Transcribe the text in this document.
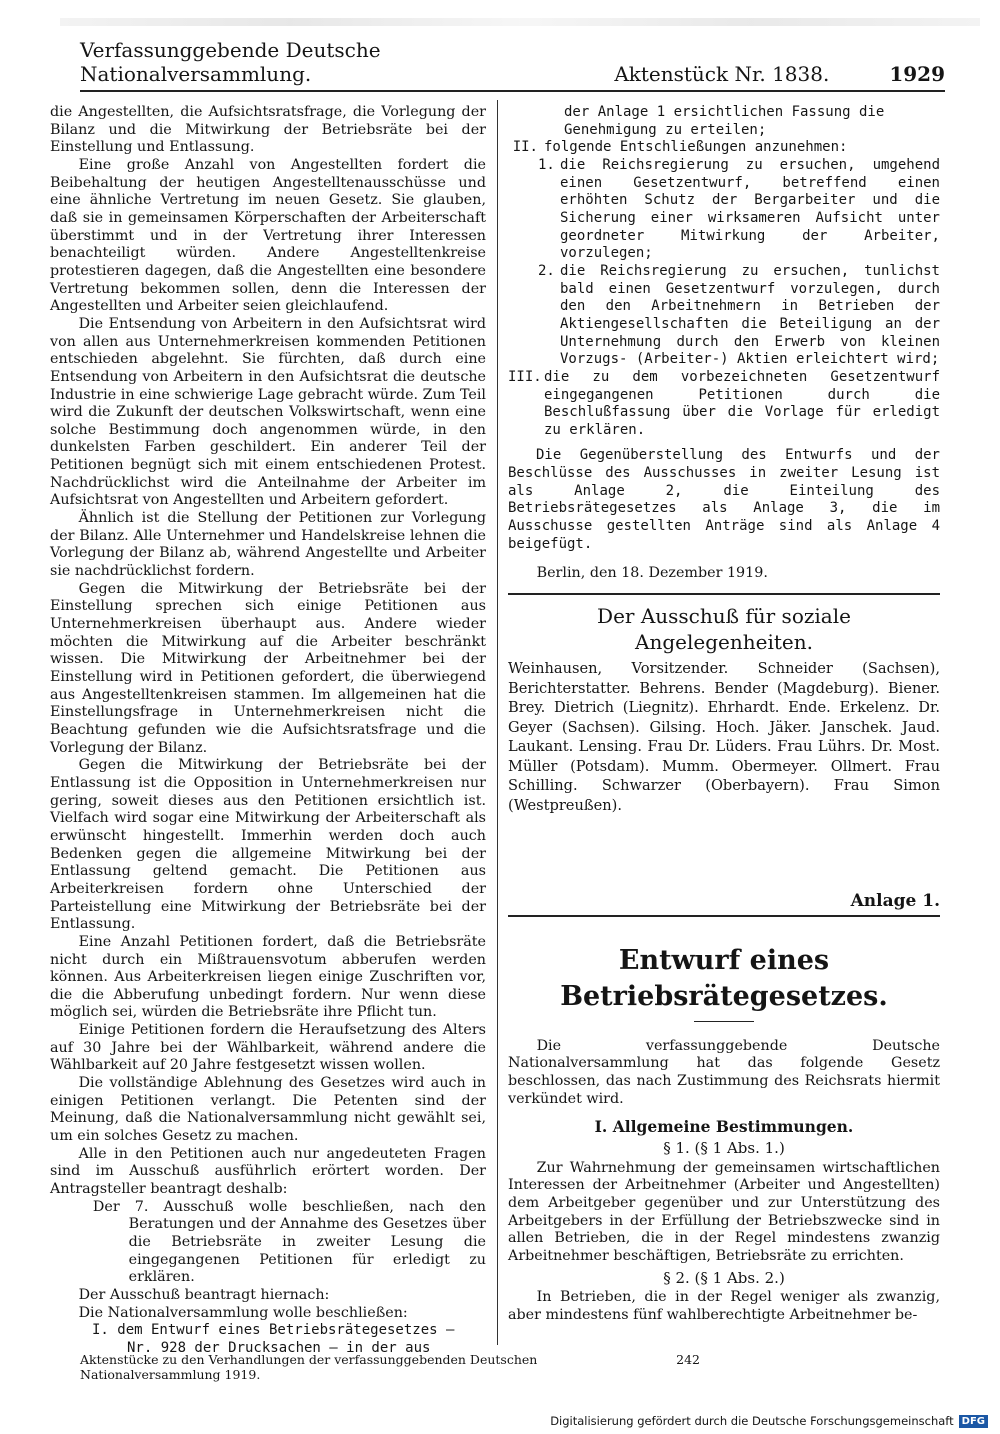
Verfassunggebende Deutsche Nationalversammlung.	Aktenstück Nr. 1838.	1929

die Angestellten, die Aufsichtsratsfrage, die Vorlegung der Bilanz und die Mitwirkung der Betriebsräte bei der Einstellung und Entlassung.

Eine große Anzahl von Angestellten fordert die Beibehaltung der heutigen Angestelltenausschüsse und eine ähnliche Vertretung im neuen Gesetz. Sie glauben, daß sie in gemeinsamen Körperschaften der Arbeiterschaft überstimmt und in der Vertretung ihrer Interessen benachteiligt würden. Andere Angestelltenkreise protestieren dagegen, daß die Angestellten eine besondere Vertretung bekommen sollen, denn die Interessen der Angestellten und Arbeiter seien gleichlaufend.

Die Entsendung von Arbeitern in den Aufsichtsrat wird von allen aus Unternehmerkreisen kommenden Petitionen entschieden abgelehnt. Sie fürchten, daß durch eine Entsendung von Arbeitern in den Aufsichtsrat die deutsche Industrie in eine schwierige Lage gebracht würde. Zum Teil wird die Zukunft der deutschen Volkswirtschaft, wenn eine solche Bestimmung doch angenommen würde, in den dunkelsten Farben geschildert. Ein anderer Teil der Petitionen begnügt sich mit einem entschiedenen Protest. Nachdrücklichst wird die Anteilnahme der Arbeiter im Aufsichtsrat von Angestellten und Arbeitern gefordert.

Ähnlich ist die Stellung der Petitionen zur Vorlegung der Bilanz. Alle Unternehmer und Handelskreise lehnen die Vorlegung der Bilanz ab, während Angestellte und Arbeiter sie nachdrücklichst fordern.

Gegen die Mitwirkung der Betriebsräte bei der Einstellung sprechen sich einige Petitionen aus Unternehmerkreisen überhaupt aus. Andere wieder möchten die Mitwirkung auf die Arbeiter beschränkt wissen. Die Mitwirkung der Arbeitnehmer bei der Einstellung wird in Petitionen gefordert, die überwiegend aus Angestelltenkreisen stammen. Im allgemeinen hat die Einstellungsfrage in Unternehmerkreisen nicht die Beachtung gefunden wie die Aufsichtsratsfrage und die Vorlegung der Bilanz.

Gegen die Mitwirkung der Betriebsräte bei der Entlassung ist die Opposition in Unternehmerkreisen nur gering, soweit dieses aus den Petitionen ersichtlich ist. Vielfach wird sogar eine Mitwirkung der Arbeiterschaft als erwünscht hingestellt. Immerhin werden doch auch Bedenken gegen die allgemeine Mitwirkung bei der Entlassung geltend gemacht. Die Petitionen aus Arbeiterkreisen fordern ohne Unterschied der Parteistellung eine Mitwirkung der Betriebsräte bei der Entlassung.

Eine Anzahl Petitionen fordert, daß die Betriebsräte nicht durch ein Mißtrauensvotum abberufen werden können. Aus Arbeiterkreisen liegen einige Zuschriften vor, die die Abberufung unbedingt fordern. Nur wenn diese möglich sei, würden die Betriebsräte ihre Pflicht tun.

Einige Petitionen fordern die Heraufsetzung des Alters auf 30 Jahre bei der Wählbarkeit, während andere die Wählbarkeit auf 20 Jahre festgesetzt wissen wollen.

Die vollständige Ablehnung des Gesetzes wird auch in einigen Petitionen verlangt. Die Petenten sind der Meinung, daß die Nationalversammlung nicht gewählt sei, um ein solches Gesetz zu machen.

Alle in den Petitionen auch nur angedeuteten Fragen sind im Ausschuß ausführlich erörtert worden. Der Antragsteller beantragt deshalb:

Der 7. Ausschuß wolle beschließen, nach den Beratungen und der Annahme des Gesetzes über die Betriebsräte in zweiter Lesung die eingegangenen Petitionen für erledigt zu erklären.

Der Ausschuß beantragt hiernach:

Die Nationalversammlung wolle beschließen:

I. dem Entwurf eines Betriebsrätegesetzes — Nr. 928 der Drucksachen — in der aus

der Anlage 1 ersichtlichen Fassung die Genehmigung zu erteilen;

II. folgende Entschließungen anzunehmen:
1. die Reichsregierung zu ersuchen, umgehend einen Gesetzentwurf, betreffend einen erhöhten Schutz der Bergarbeiter und die Sicherung einer wirksameren Aufsicht unter geordneter Mitwirkung der Arbeiter, vorzulegen;
2. die Reichsregierung zu ersuchen, tunlichst bald einen Gesetzentwurf vorzulegen, durch den den Arbeitnehmern in Betrieben der Aktiengesellschaften die Beteiligung an der Unternehmung durch den Erwerb von kleinen Vorzugs- (Arbeiter-) Aktien erleichtert wird;
III. die zu dem vorbezeichneten Gesetzentwurf eingegangenen Petitionen durch die Beschlußfassung über die Vorlage für erledigt zu erklären.

Die Gegenüberstellung des Entwurfs und der Beschlüsse des Ausschusses in zweiter Lesung ist als Anlage 2, die Einteilung des Betriebsrätegesetzes als Anlage 3, die im Ausschusse gestellten Anträge sind als Anlage 4 beigefügt.

Berlin, den 18. Dezember 1919.

Der Ausschuß für soziale Angelegenheiten.

Weinhausen, Vorsitzender. Schneider (Sachsen), Berichterstatter. Behrens. Bender (Magdeburg). Biener. Brey. Dietrich (Liegnitz). Ehrhardt. Ende. Erkelenz. Dr. Geyer (Sachsen). Gilsing. Hoch. Jäker. Janschek. Jaud. Laukant. Lensing. Frau Dr. Lüders. Frau Lührs. Dr. Most. Müller (Potsdam). Mumm. Obermeyer. Ollmert. Frau Schilling. Schwarzer (Oberbayern). Frau Simon (Westpreußen).

Anlage 1.
Entwurf eines Betriebsrätegesetzes.

Die verfassunggebende Deutsche Nationalversammlung hat das folgende Gesetz beschlossen, das nach Zustimmung des Reichsrats hiermit verkündet wird.

I. Allgemeine Bestimmungen.
§ 1. (§ 1 Abs. 1.)

Zur Wahrnehmung der gemeinsamen wirtschaftlichen Interessen der Arbeitnehmer (Arbeiter und Angestellten) dem Arbeitgeber gegenüber und zur Unterstützung des Arbeitgebers in der Erfüllung der Betriebszwecke sind in allen Betrieben, die in der Regel mindestens zwanzig Arbeitnehmer beschäftigen, Betriebsräte zu errichten.

§ 2. (§ 1 Abs. 2.)

In Betrieben, die in der Regel weniger als zwanzig, aber mindestens fünf wahlberechtigte Arbeitnehmer be-

Aktenstücke zu den Verhandlungen der verfassunggebenden Deutschen Nationalversammlung 1919.
242
Digitalisierung gefördert durch die Deutsche Forschungsgemeinschaft DFG
